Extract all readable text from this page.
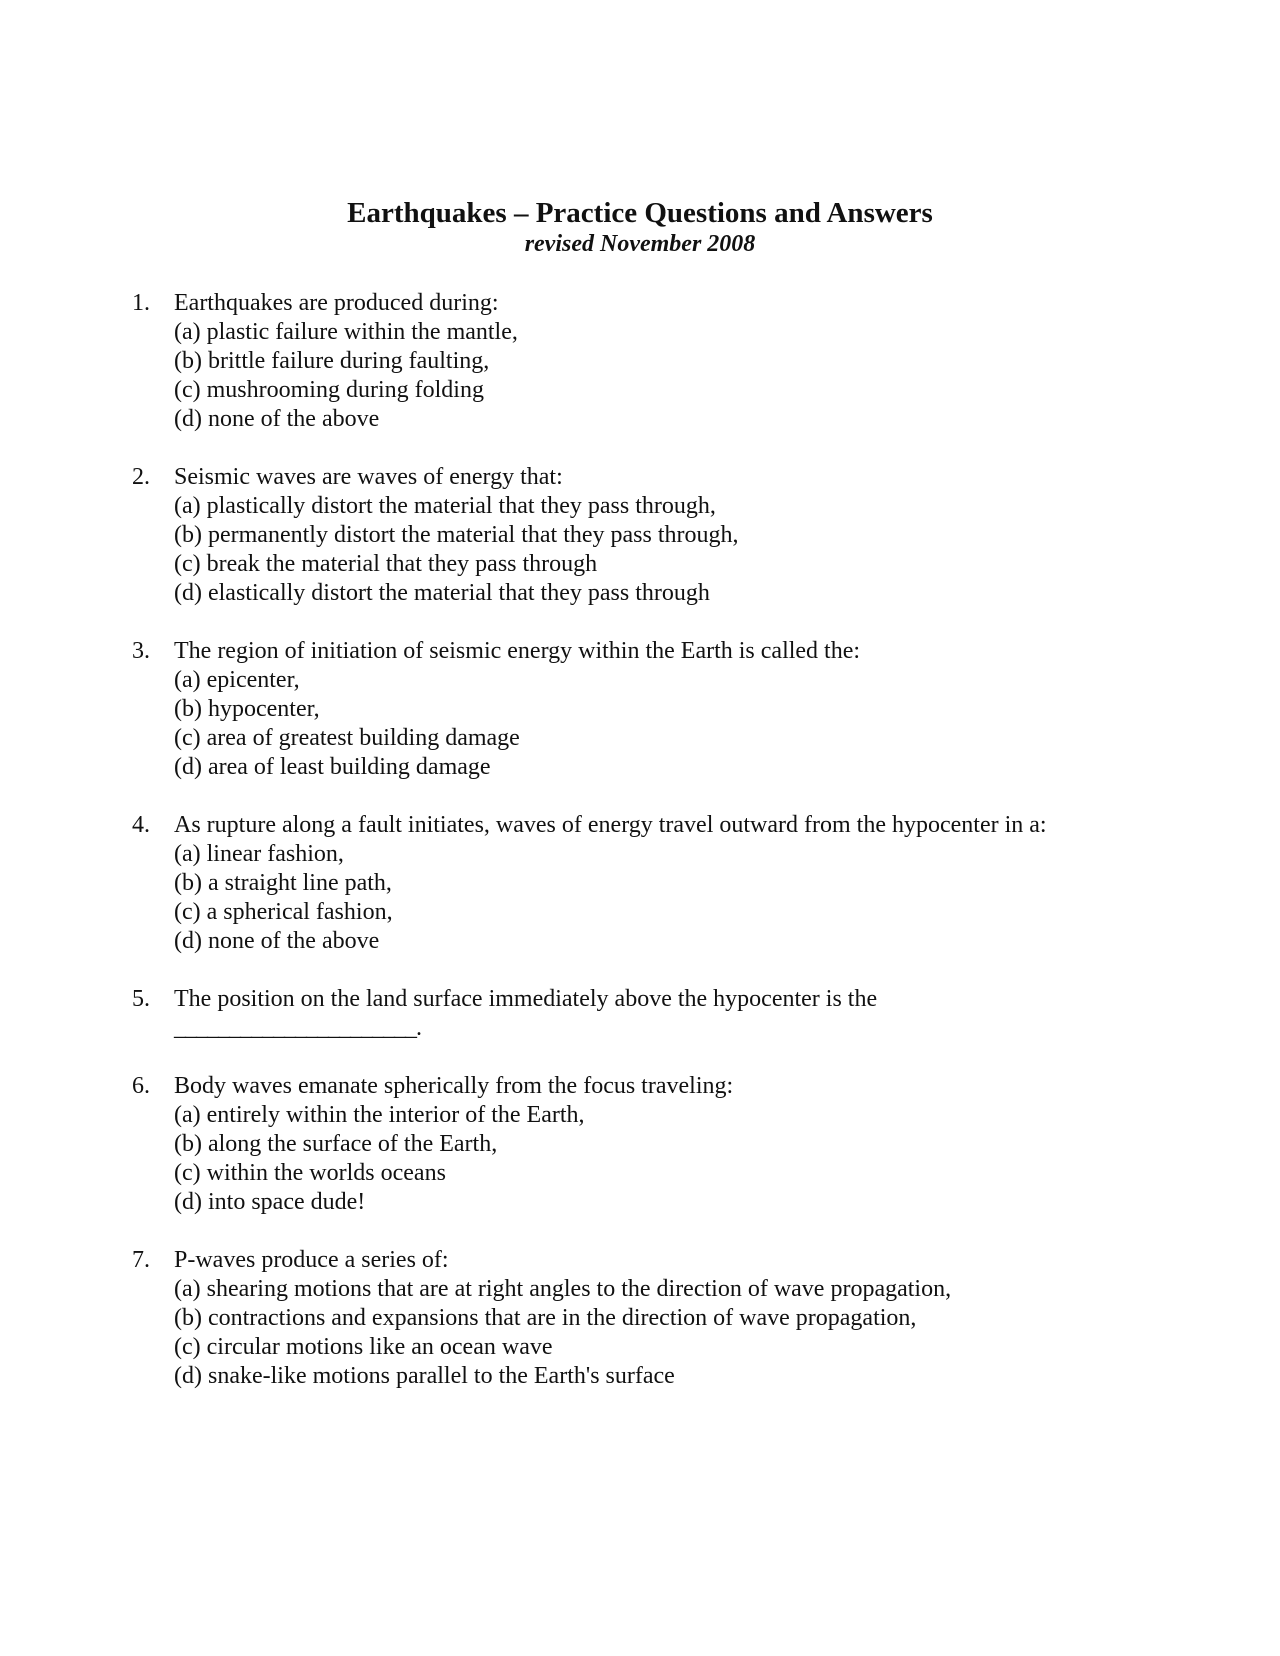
Earthquakes – Practice Questions and Answers

revised November 2008

1. Earthquakes are produced during:
(a) plastic failure within the mantle,
(b) brittle failure during faulting,
(c) mushrooming during folding
(d) none of the above
2. Seismic waves are waves of energy that:
(a) plastically distort the material that they pass through,
(b) permanently distort the material that they pass through,
(c) break the material that they pass through
(d) elastically distort the material that they pass through
3. The region of initiation of seismic energy within the Earth is called the:
(a) epicenter,
(b) hypocenter,
(c) area of greatest building damage
(d) area of least building damage
4. As rupture along a fault initiates, waves of energy travel outward from the hypocenter in a:
(a) linear fashion,
(b) a straight line path,
(c) a spherical fashion,
(d) none of the above
5. The position on the land surface immediately above the hypocenter is the
______________________.
6. Body waves emanate spherically from the focus traveling:
(a) entirely within the interior of the Earth,
(b) along the surface of the Earth,
(c) within the worlds oceans
(d) into space dude!
7. P-waves produce a series of:
(a) shearing motions that are at right angles to the direction of wave propagation,
(b) contractions and expansions that are in the direction of wave propagation,
(c) circular motions like an ocean wave
(d) snake-like motions parallel to the Earth's surface
